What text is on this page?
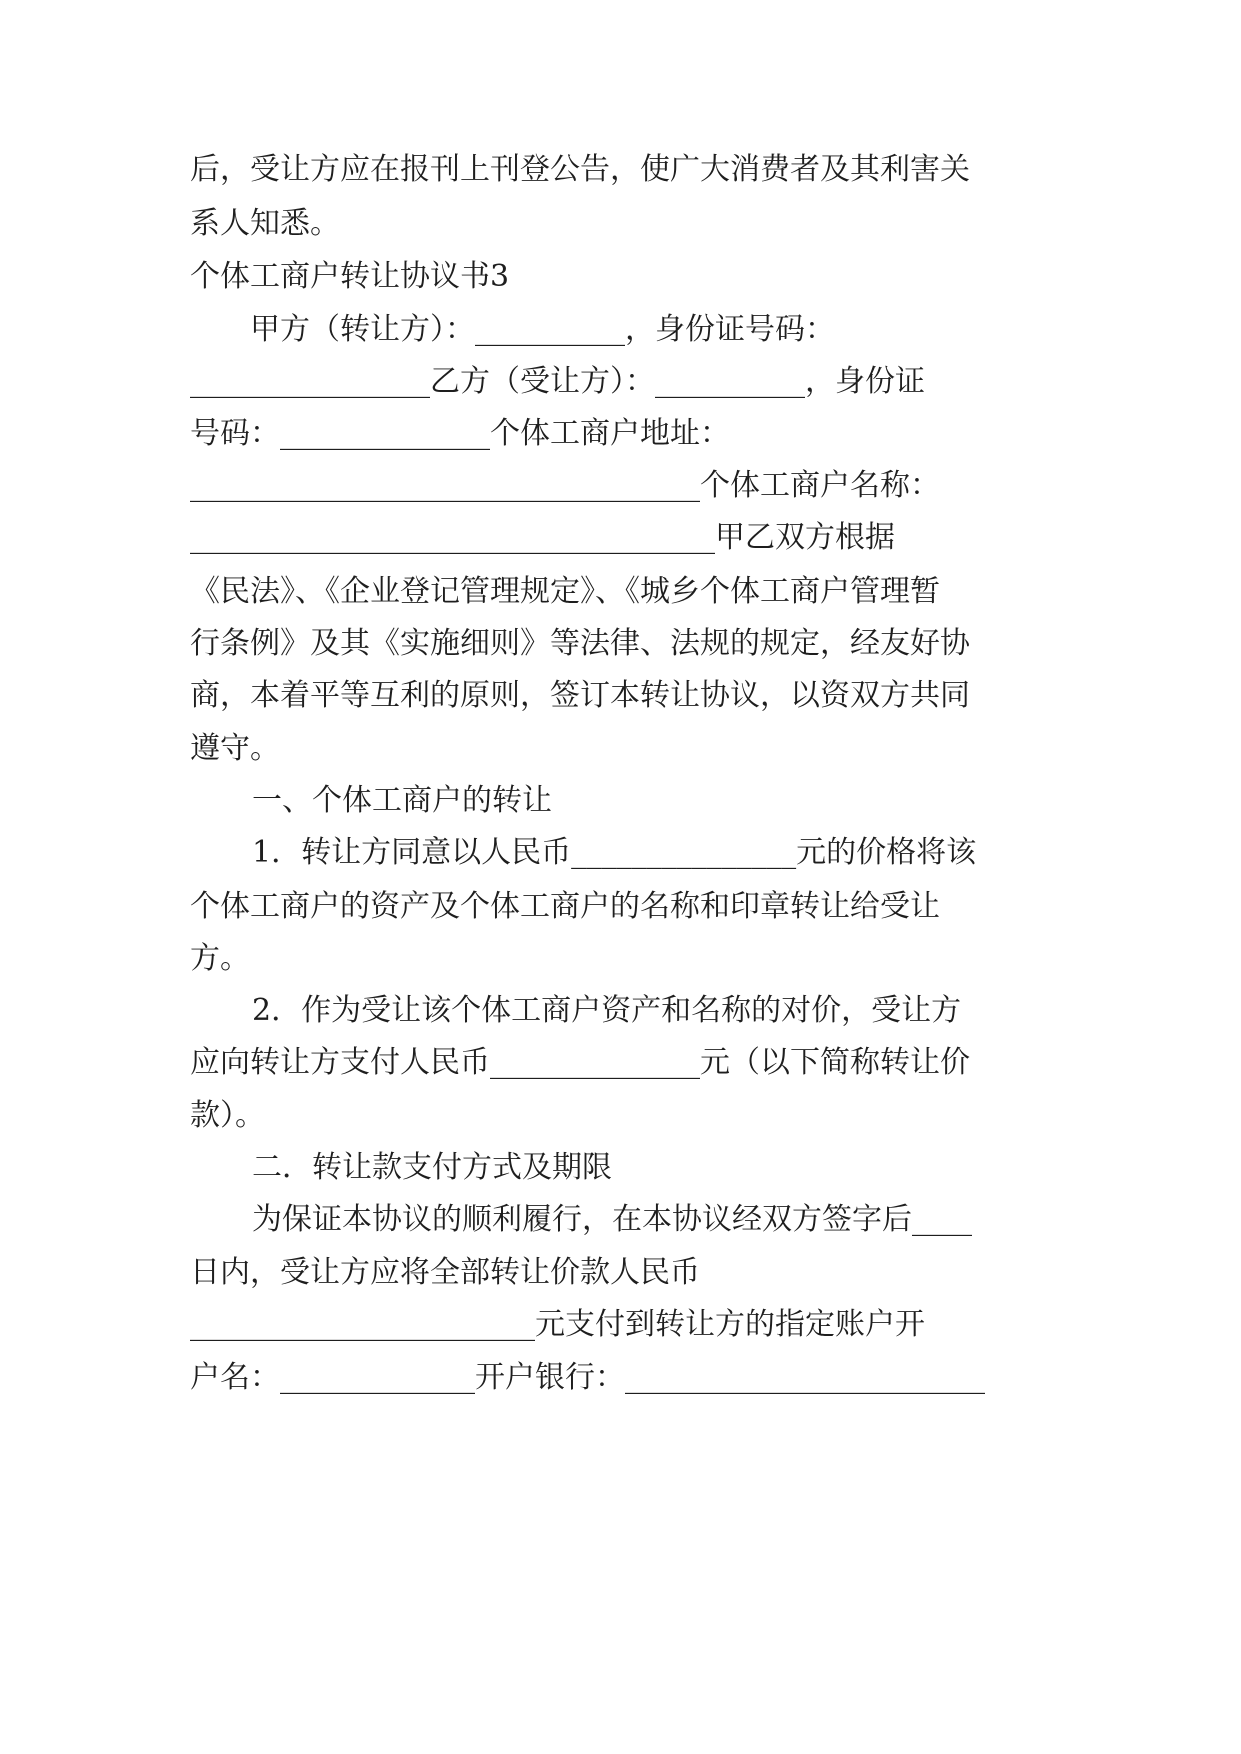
后，受让方应在报刊上刊登公告，使广大消费者及其利害关
系人知悉。
个体工商户转让协议书3
甲方（转让方）：__________，身份证号码：
________________乙方（受让方）：__________，身份证
号码：______________个体工商户地址：
__________________________________个体工商户名称：
___________________________________甲乙双方根据
《民法》、《企业登记管理规定》、《城乡个体工商户管理暂
行条例》及其《实施细则》等法律、法规的规定，经友好协
商，本着平等互利的原则，签订本转让协议，以资双方共同
遵守。
一、个体工商户的转让
1．转让方同意以人民币_______________元的价格将该
个体工商户的资产及个体工商户的名称和印章转让给受让
方。
2．作为受让该个体工商户资产和名称的对价，受让方
应向转让方支付人民币______________元（以下简称转让价
款）。
二．转让款支付方式及期限
为保证本协议的顺利履行，在本协议经双方签字后____
日内，受让方应将全部转让价款人民币
_______________________元支付到转让方的指定账户开
户名：_____________开户银行：________________________
